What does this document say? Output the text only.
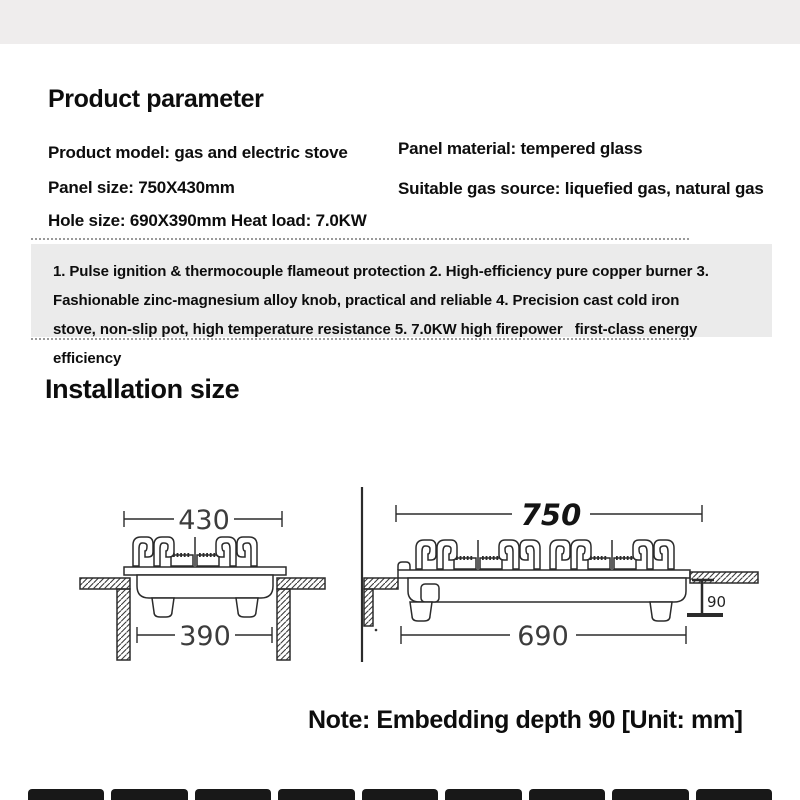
Product parameter
Product model: gas and electric stove	Panel material: tempered glass
Panel size: 750X430mm	Suitable gas source: liquefied gas, natural gas
Hole size: 690X390mm Heat load: 7.0KW
1. Pulse ignition & thermocouple flameout protection 2. High-efficiency pure copper burner 3. Fashionable zinc-magnesium alloy knob, practical and reliable 4. Precision cast cold iron stove, non-slip pot, high temperature resistance 5. 7.0KW high firepower   first-class energy efficiency
Installation size
430
390
750
90
690
Note: Embedding depth 90 [Unit: mm]
